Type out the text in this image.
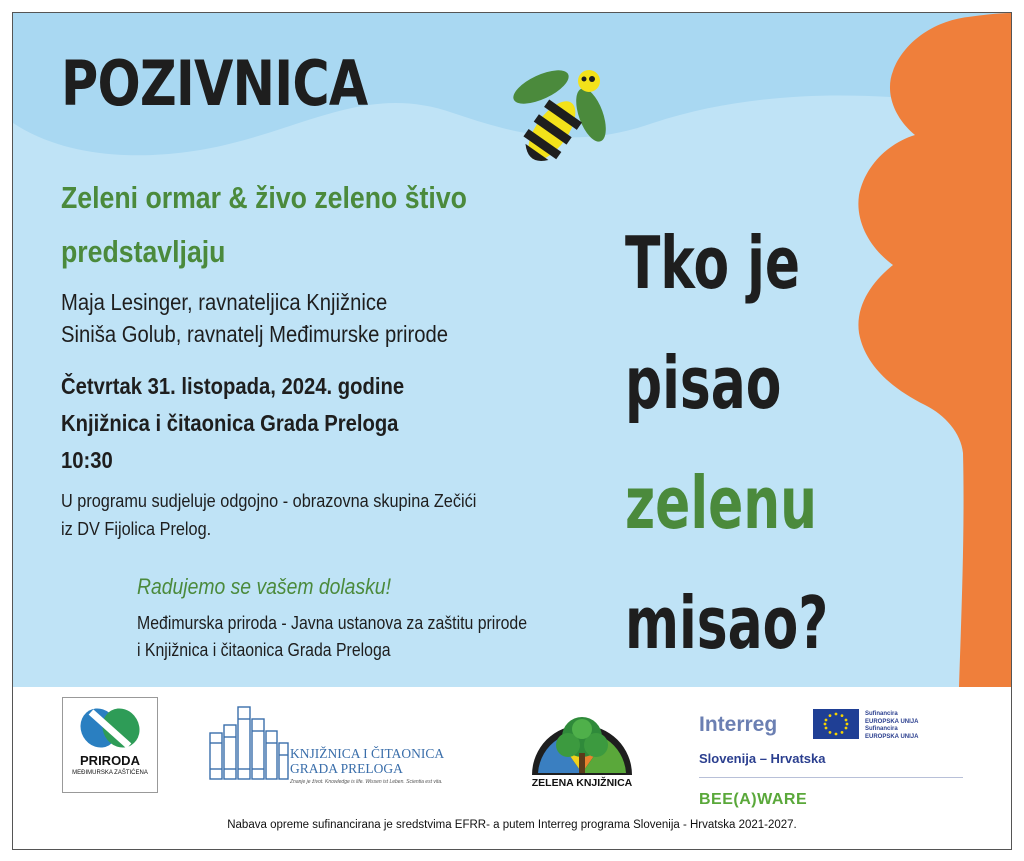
POZIVNICA
Zeleni ormar & živo zeleno štivo
predstavljaju
Maja Lesinger, ravnateljica Knjižnice
Siniša Golub, ravnatelj Međimurske prirode
Četvrtak 31. listopada, 2024. godine
Knjižnica i čitaonica Grada Preloga
10:30
U programu sudjeluje odgojno - obrazovna skupina Zečići
iz DV Fijolica Prelog.
Radujemo se vašem dolasku!
Međimurska priroda - Javna ustanova za zaštitu prirode
i Knjižnica i čitaonica Grada Preloga
Tko je
pisao
zelenu
misao?
PRIRODA
MEĐIMURSKA ZAŠTIĆENA
KNJIŽNICA I ČITAONICA
GRADA PRELOGA
Znanje je život. Knowledge is life. Wissen ist Leben. Scientia est vita.	ZELENA KNJIŽNICA
Interreg	Sufinancira
EUROPSKA UNIJA
Sufinancira
EUROPSKA UNIJA
Slovenija – Hrvatska
BEE(A)WARE
Nabava opreme sufinancirana je sredstvima EFRR- a putem Interreg programa Slovenija - Hrvatska 2021-2027.
